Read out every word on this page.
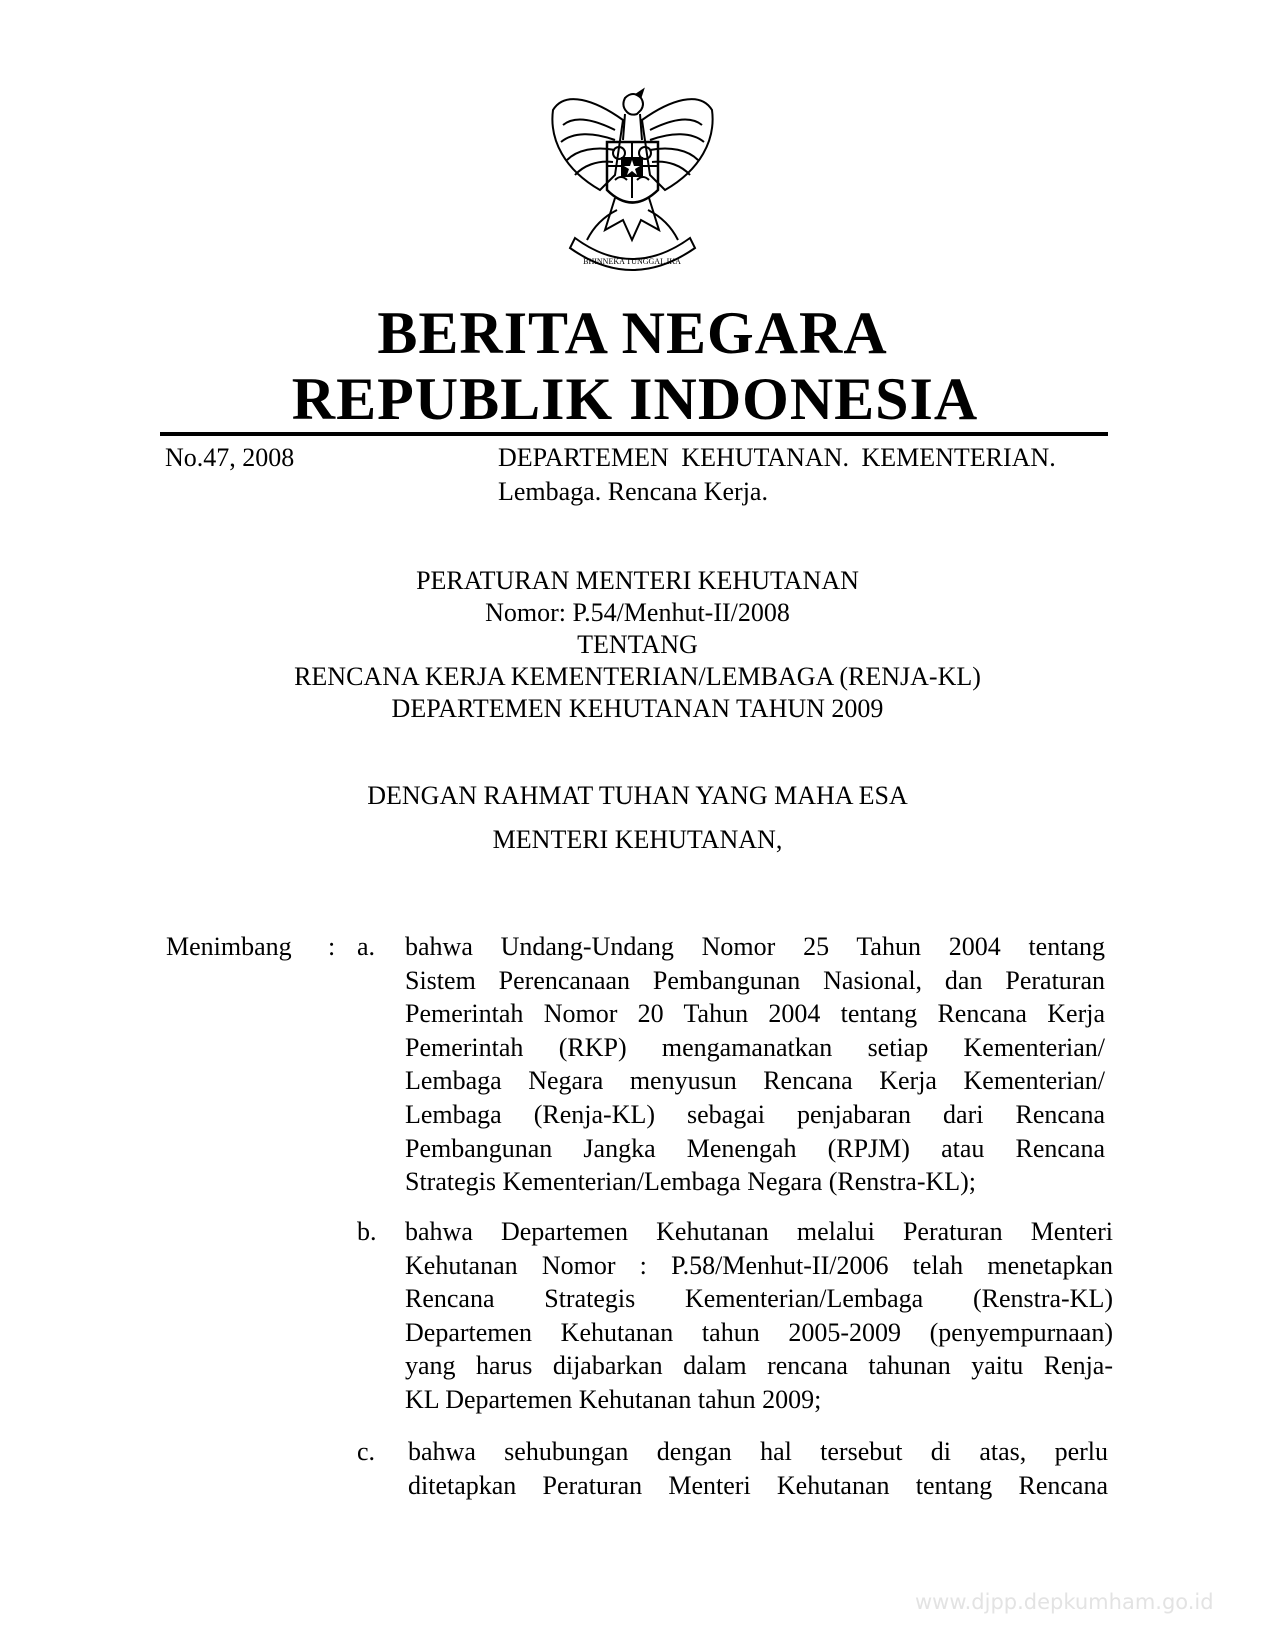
BHINNEKA TUNGGAL IKA
BERITA NEGARA
REPUBLIK INDONESIA
No.47, 2008	DEPARTEMEN KEHUTANAN. KEMENTERIAN.
Lembaga. Rencana Kerja.
PERATURAN MENTERI KEHUTANAN
Nomor: P.54/Menhut-II/2008
TENTANG
RENCANA KERJA KEMENTERIAN/LEMBAGA (RENJA-KL)
DEPARTEMEN KEHUTANAN TAHUN 2009
DENGAN RAHMAT TUHAN YANG MAHA ESA
MENTERI KEHUTANAN,
Menimbang : a. bahwa Undang-Undang Nomor 25 Tahun 2004 tentang
Sistem Perencanaan Pembangunan Nasional, dan Peraturan
Pemerintah Nomor 20 Tahun 2004 tentang Rencana Kerja
Pemerintah (RKP) mengamanatkan setiap Kementerian/
Lembaga Negara menyusun Rencana Kerja Kementerian/
Lembaga (Renja-KL) sebagai penjabaran dari Rencana
Pembangunan Jangka Menengah (RPJM) atau Rencana
Strategis Kementerian/Lembaga Negara (Renstra-KL);
b. bahwa Departemen Kehutanan melalui Peraturan Menteri
Kehutanan Nomor : P.58/Menhut-II/2006 telah menetapkan
Rencana Strategis Kementerian/Lembaga (Renstra-KL)
Departemen Kehutanan tahun 2005-2009 (penyempurnaan)
yang harus dijabarkan dalam rencana tahunan yaitu Renja-
KL Departemen Kehutanan tahun 2009;
c. bahwa sehubungan dengan hal tersebut di atas, perlu
ditetapkan Peraturan Menteri Kehutanan tentang Rencana
www.djpp.depkumham.go.id
